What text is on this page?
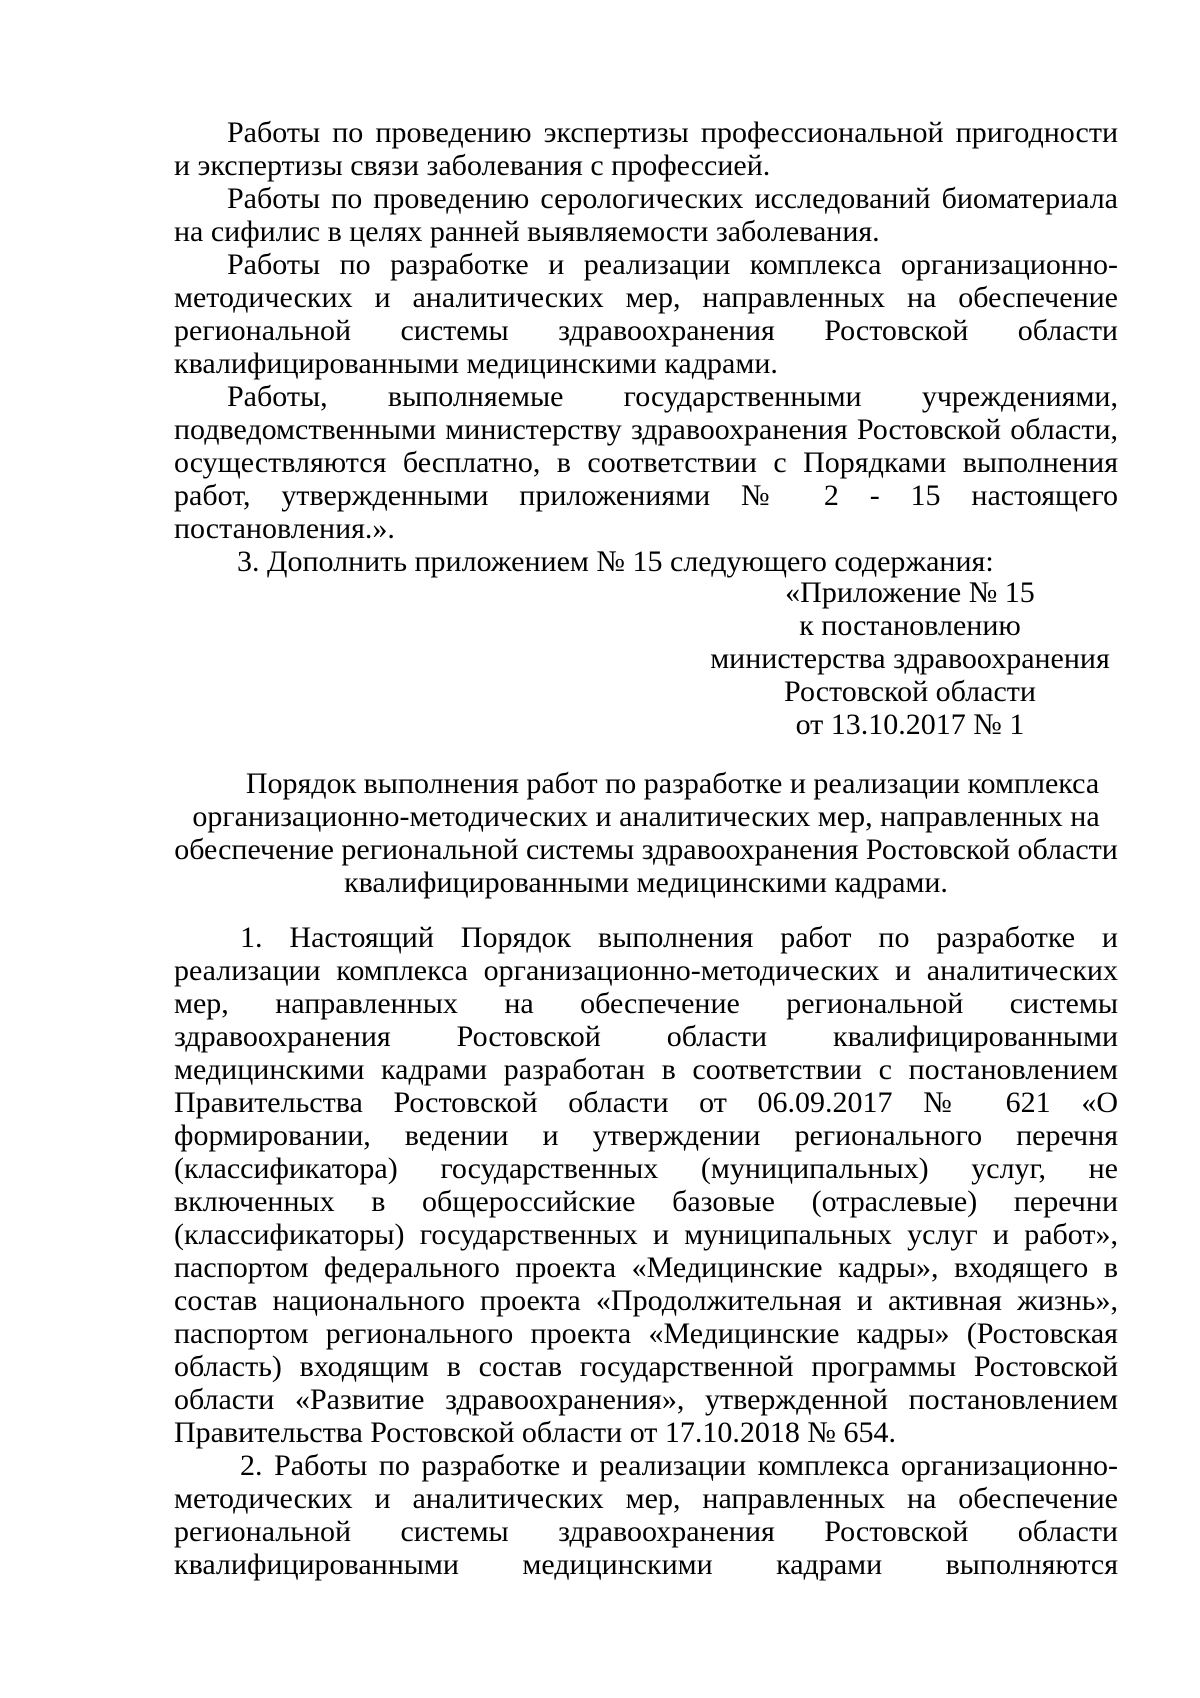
Работы по проведению экспертизы профессиональной пригодности и экспертизы связи заболевания с профессией.

Работы по проведению серологических исследований биоматериала на сифилис в целях ранней выявляемости заболевания.

Работы по разработке и реализации комплекса организационно-методических и аналитических мер, направленных на обеспечение региональной системы здравоохранения Ростовской области квалифицированными медицинскими кадрами.

Работы, выполняемые государственными учреждениями, подведомственными министерству здравоохранения Ростовской области, осуществляются бесплатно, в соответствии с Порядками выполнения работ, утвержденными приложениями № 2 - 15 настоящего постановления.».

3. Дополнить приложением № 15 следующего содержания:

«Приложение № 15
к постановлению
министерства здравоохранения
Ростовской области
от 13.10.2017 № 1
Порядок выполнения работ по разработке и реализации комплекса
организационно-методических и аналитических мер, направленных на
обеспечение региональной системы здравоохранения Ростовской области
квалифицированными медицинскими кадрами.

1. Настоящий Порядок выполнения работ по разработке и реализации комплекса организационно-методических и аналитических мер, направленных на обеспечение региональной системы здравоохранения Ростовской области квалифицированными медицинскими кадрами разработан в соответствии с постановлением Правительства Ростовской области от 06.09.2017 № 621 «О формировании, ведении и утверждении регионального перечня (классификатора) государственных (муниципальных) услуг, не включенных в общероссийские базовые (отраслевые) перечни (классификаторы) государственных и муниципальных услуг и работ», паспортом федерального проекта «Медицинские кадры», входящего в состав национального проекта «Продолжительная и активная жизнь», паспортом регионального проекта «Медицинские кадры» (Ростовская область) входящим в состав государственной программы Ростовской области «Развитие здравоохранения», утвержденной постановлением Правительства Ростовской области от 17.10.2018 № 654.

2. Работы по разработке и реализации комплекса организационно-методических и аналитических мер, направленных на обеспечение региональной системы здравоохранения Ростовской области квалифицированными медицинскими кадрами выполняются
